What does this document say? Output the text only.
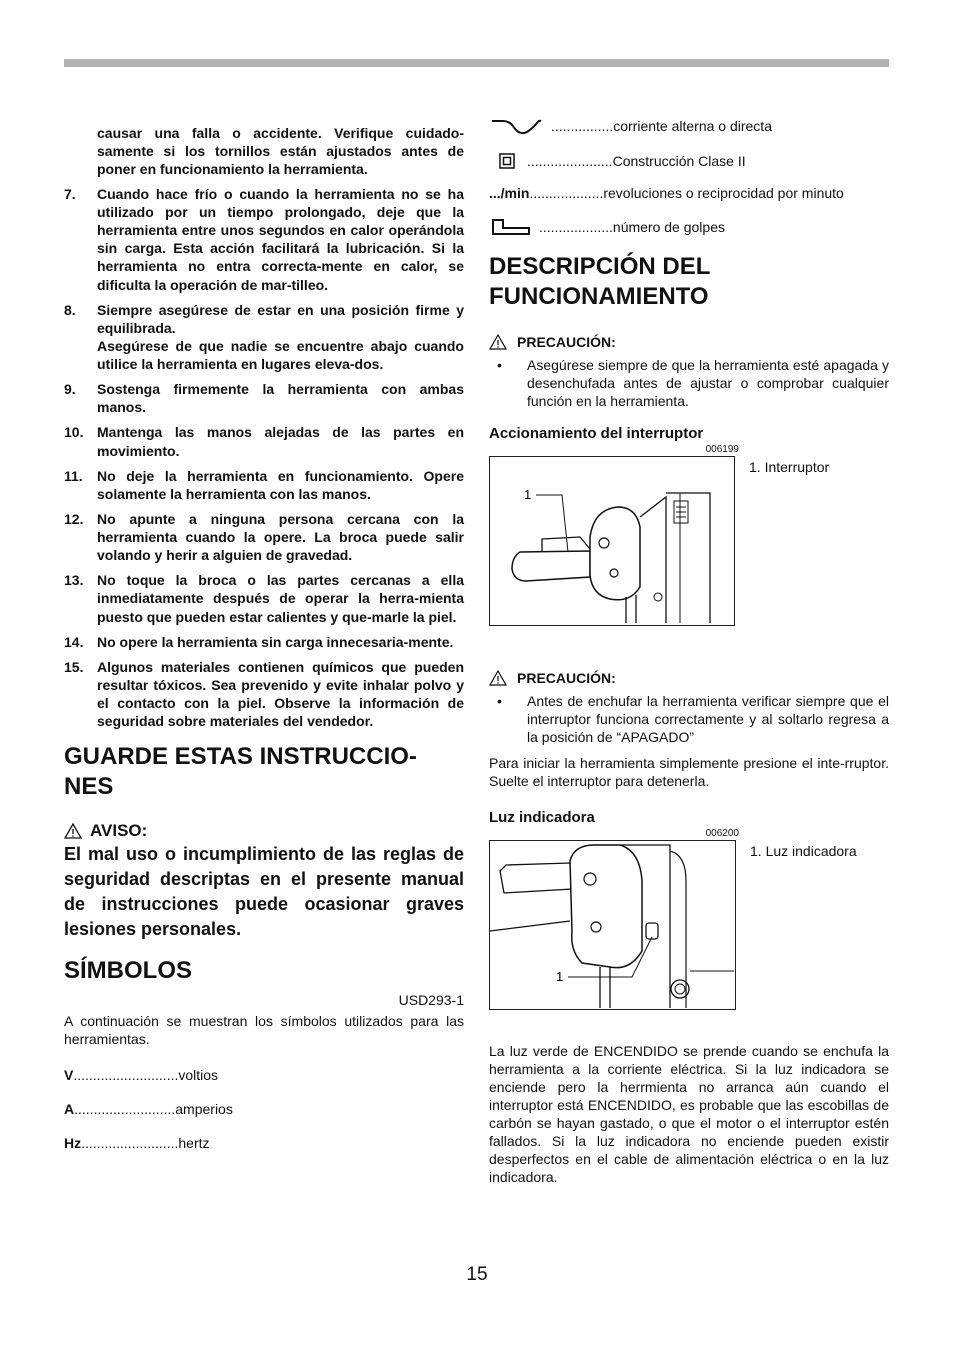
causar una falla o accidente. Verifique cuidado-samente si los tornillos están ajustados antes de poner en funcionamiento la herramienta.
7.	Cuando hace frío o cuando la herramienta no se ha utilizado por un tiempo prolongado, deje que la herramienta entre unos segundos en calor operándola sin carga. Esta acción facilitará la lubricación. Si la herramienta no entra correcta-mente en calor, se dificulta la operación de mar-tilleo.
8.	Siempre asegúrese de estar en una posición firme y equilibrada.

Asegúrese de que nadie se encuentre abajo cuando utilice la herramienta en lugares eleva-dos.

9.	Sostenga firmemente la herramienta con ambas manos.
10. Mantenga las manos alejadas de las partes en movimiento.
11.	No deje la herramienta en funcionamiento. Opere solamente la herramienta con las manos.
12. No apunte a ninguna persona cercana con la herramienta cuando la opere. La broca puede salir volando y herir a alguien de gravedad.
13. No toque la broca o las partes cercanas a ella inmediatamente después de operar la herra-mienta puesto que pueden estar calientes y que-marle la piel.
14. No opere la herramienta sin carga innecesaria-mente.
15. Algunos materiales contienen químicos que pueden resultar tóxicos. Sea prevenido y evite inhalar polvo y el contacto con la piel. Observe la información de seguridad sobre materiales del vendedor.
GUARDE ESTAS INSTRUCCIO-NES
AVISO:
El mal uso o incumplimiento de las reglas de seguridad descriptas en el presente manual de instrucciones puede ocasionar graves lesiones personales.
SÍMBOLOS
USD293-1

A continuación se muestran los símbolos utilizados para las herramientas.

V ........................... voltios
A .......................... amperios
Hz ......................... hertz
................ corriente alterna o directa
...................... Construcción Clase II
.../min ................... revoluciones o reciprocidad por minuto
................... número de golpes
DESCRIPCIÓN DEL FUNCIONAMIENTO
PRECAUCIÓN:
•	Asegúrese siempre de que la herramienta esté apagada y desenchufada antes de ajustar o comprobar cualquier función en la herramienta.
Accionamiento del interruptor
006199
1
1. Interruptor
PRECAUCIÓN:
•	Antes de enchufar la herramienta verificar siempre que el interruptor funciona correctamente y al soltarlo regresa a la posición de “APAGADO”

Para iniciar la herramienta simplemente presione el inte-rruptor. Suelte el interruptor para detenerla.

Luz indicadora
006200
1
1. Luz indicadora

La luz verde de ENCENDIDO se prende cuando se enchufa la herramienta a la corriente eléctrica. Si la luz indicadora se enciende pero la herrmienta no arranca aún cuando el interruptor está ENCENDIDO, es probable que las escobillas de carbón se hayan gastado, o que el motor o el interruptor estén fallados. Si la luz indicadora no enciende pueden existir desperfectos en el cable de alimentación eléctrica o en la luz indicadora.

15
